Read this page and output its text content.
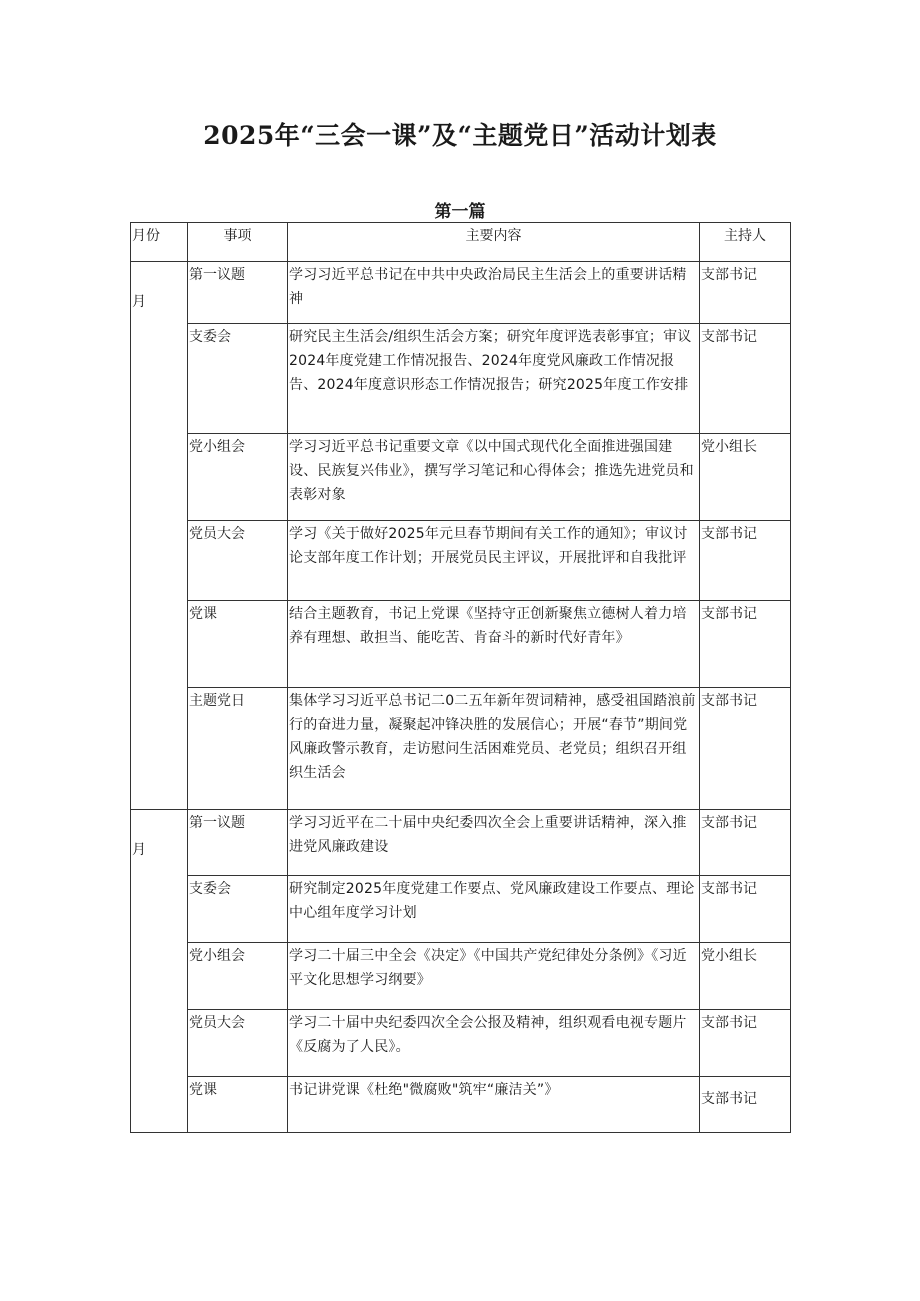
2025年“三会一课”及“主题党日”活动计划表
第一篇
月份	事项	主要内容	主持人
月	第一议题	学习习近平总书记在中共中央政治局民主生活会上的重要讲话精神	支部书记
	支委会	研究民主生活会/组织生活会方案；研究年度评选表彰事宜；审议2024年度党建工作情况报告、2024年度党风廉政工作情况报告、2024年度意识形态工作情况报告；研究2025年度工作安排	支部书记
	党小组会	学习习近平总书记重要文章《以中国式现代化全面推进强国建设、民族复兴伟业》，撰写学习笔记和心得体会；推选先进党员和表彰对象	党小组长
	党员大会	学习《关于做好2025年元旦春节期间有关工作的通知》；审议讨论支部年度工作计划；开展党员民主评议，开展批评和自我批评	支部书记
	党课	结合主题教育，书记上党课《坚持守正创新聚焦立德树人着力培养有理想、敢担当、能吃苦、肯奋斗的新时代好青年》	支部书记
	主题党日	集体学习习近平总书记二0二五年新年贺词精神，感受祖国踏浪前行的奋进力量，凝聚起冲锋决胜的发展信心；开展“春节”期间党风廉政警示教育，走访慰问生活困难党员、老党员；组织召开组织生活会	支部书记
月	第一议题	学习习近平在二十届中央纪委四次全会上重要讲话精神，深入推进党风廉政建设	支部书记
	支委会	研究制定2025年度党建工作要点、党风廉政建设工作要点、理论中心组年度学习计划	支部书记
	党小组会	学习二十届三中全会《决定》《中国共产党纪律处分条例》《习近平文化思想学习纲要》	党小组长
	党员大会	学习二十届中央纪委四次全会公报及精神，组织观看电视专题片《反腐为了人民》。	支部书记
	党课	书记讲党课《杜绝"微腐败"筑牢“廉洁关”》	支部书记
